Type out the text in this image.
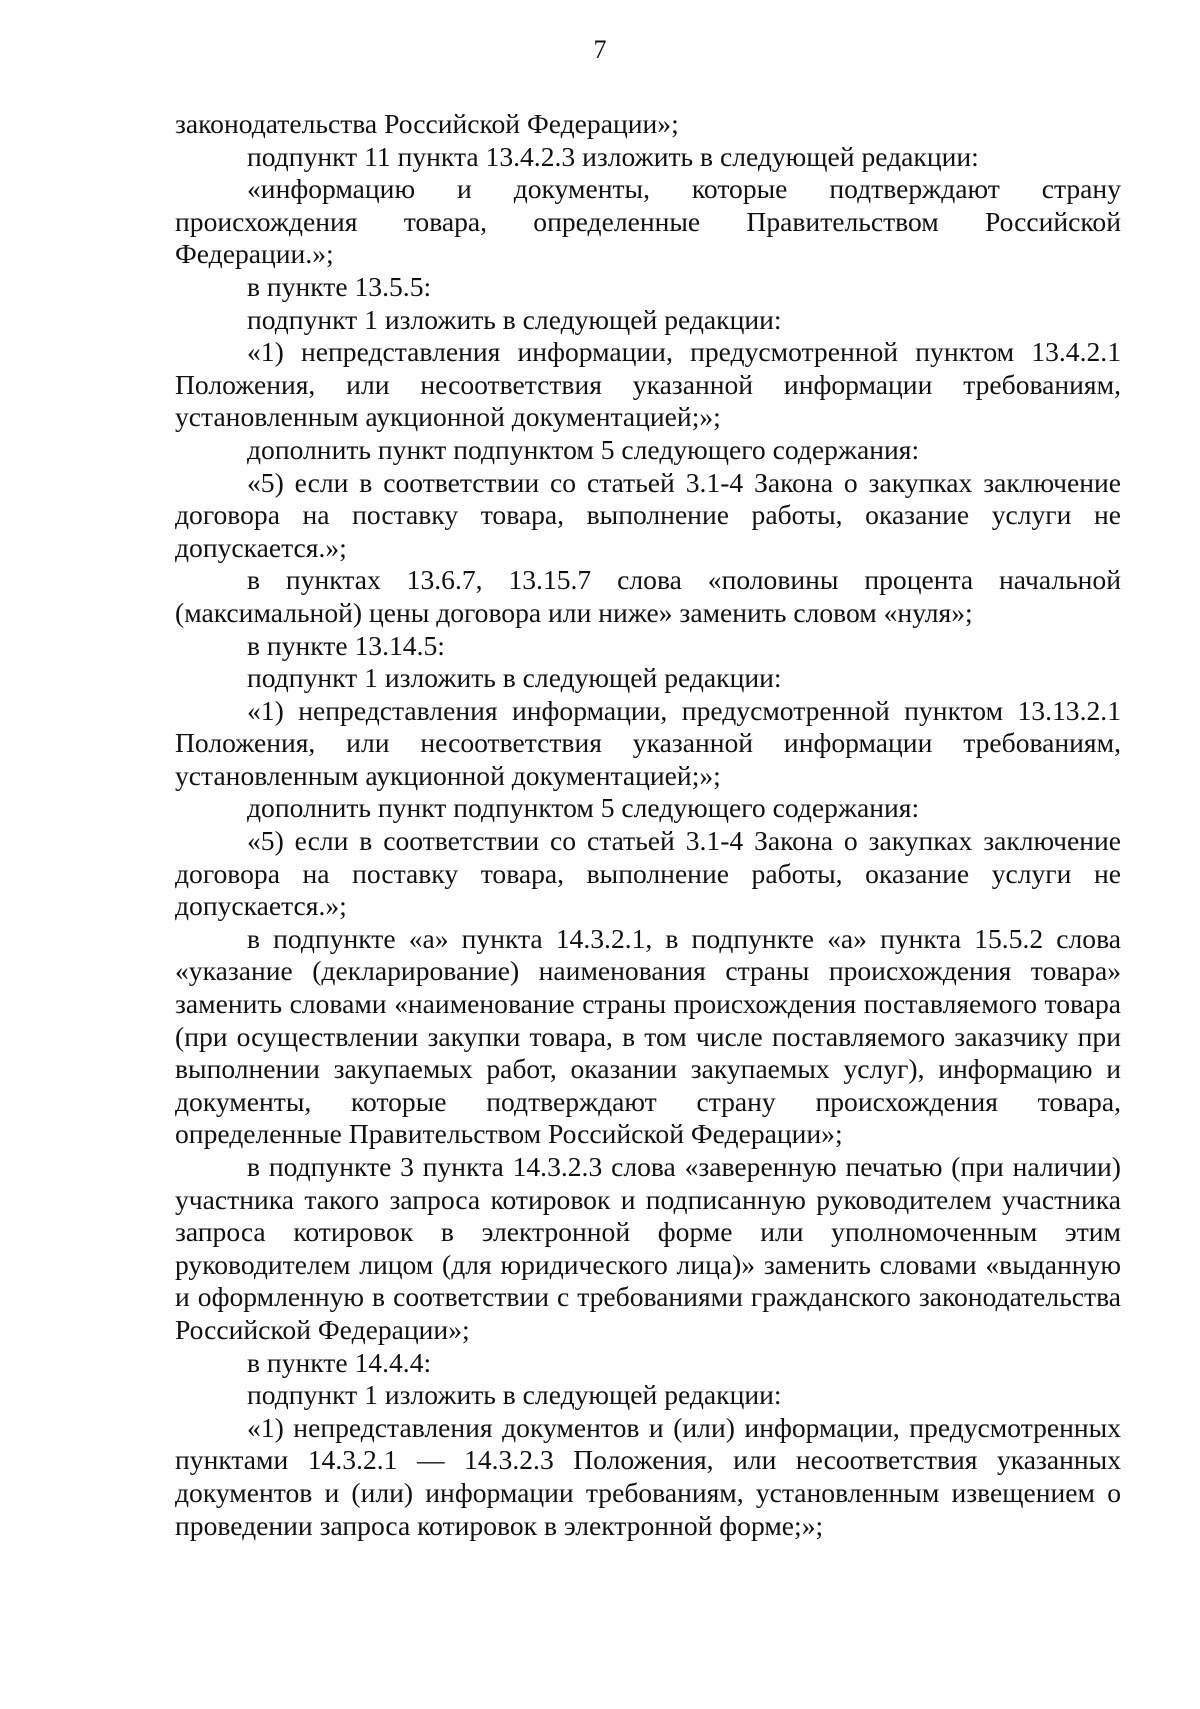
7

законодательства Российской Федерации»;

подпункт 11 пункта 13.4.2.3 изложить в следующей редакции:

«информацию и документы, которые подтверждают страну происхождения товара, определенные Правительством Российской Федерации.»;

в пункте 13.5.5:

подпункт 1 изложить в следующей редакции:

«1) непредставления информации, предусмотренной пунктом 13.4.2.1 Положения, или несоответствия указанной информации требованиям, установленным аукционной документацией;»;

дополнить пункт подпунктом 5 следующего содержания:

«5) если в соответствии со статьей 3.1-4 Закона о закупках заключение договора на поставку товара, выполнение работы, оказание услуги не допускается.»;

в пунктах 13.6.7, 13.15.7 слова «половины процента начальной (максимальной) цены договора или ниже» заменить словом «нуля»;

в пункте 13.14.5:

подпункт 1 изложить в следующей редакции:

«1) непредставления информации, предусмотренной пунктом 13.13.2.1 Положения, или несоответствия указанной информации требованиям, установленным аукционной документацией;»;

дополнить пункт подпунктом 5 следующего содержания:

«5) если в соответствии со статьей 3.1-4 Закона о закупках заключение договора на поставку товара, выполнение работы, оказание услуги не допускается.»;

в подпункте «а» пункта 14.3.2.1, в подпункте «а» пункта 15.5.2 слова «указание (декларирование) наименования страны происхождения товара» заменить словами «наименование страны происхождения поставляемого товара (при осуществлении закупки товара, в том числе поставляемого заказчику при выполнении закупаемых работ, оказании закупаемых услуг), информацию и документы, которые подтверждают страну происхождения товара, определенные Правительством Российской Федерации»;

в подпункте 3 пункта 14.3.2.3 слова «заверенную печатью (при наличии) участника такого запроса котировок и подписанную руководителем участника запроса котировок в электронной форме или уполномоченным этим руководителем лицом (для юридического лица)» заменить словами «выданную и оформленную в соответствии с требованиями гражданского законодательства Российской Федерации»;

в пункте 14.4.4:

подпункт 1 изложить в следующей редакции:

«1) непредставления документов и (или) информации, предусмотренных пунктами 14.3.2.1 — 14.3.2.3 Положения, или несоответствия указанных документов и (или) информации требованиям, установленным извещением о проведении запроса котировок в электронной форме;»;
